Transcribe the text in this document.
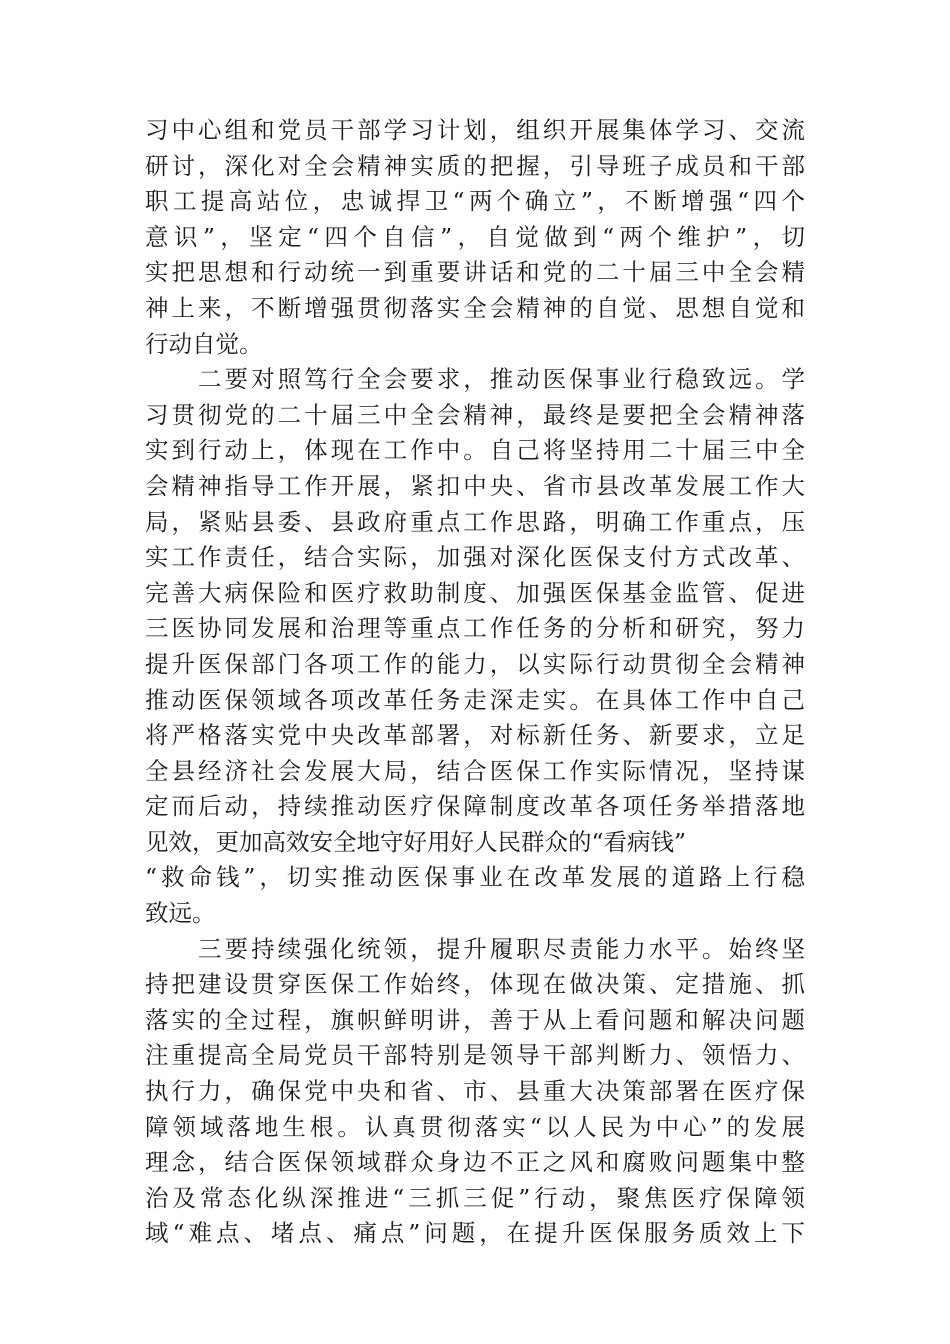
习中心组和党员干部学习计划，组织开展集体学习、交流
研讨，深化对全会精神实质的把握，引导班子成员和干部
职工提高站位，忠诚捍卫“两个确立”，不断增强“四个
意识”，坚定“四个自信”，自觉做到“两个维护”，切
实把思想和行动统一到重要讲话和党的二十届三中全会精
神上来，不断增强贯彻落实全会精神的自觉、思想自觉和
行动自觉。
　　二要对照笃行全会要求，推动医保事业行稳致远。学
习贯彻党的二十届三中全会精神，最终是要把全会精神落
实到行动上，体现在工作中。自己将坚持用二十届三中全
会精神指导工作开展，紧扣中央、省市县改革发展工作大
局，紧贴县委、县政府重点工作思路，明确工作重点，压
实工作责任，结合实际，加强对深化医保支付方式改革、
完善大病保险和医疗救助制度、加强医保基金监管、促进
三医协同发展和治理等重点工作任务的分析和研究，努力
提升医保部门各项工作的能力，以实际行动贯彻全会精神
推动医保领域各项改革任务走深走实。在具体工作中自己
将严格落实党中央改革部署，对标新任务、新要求，立足
全县经济社会发展大局，结合医保工作实际情况，坚持谋
定而后动，持续推动医疗保障制度改革各项任务举措落地
见效，更加高效安全地守好用好人民群众的“看病钱”
“救命钱”，切实推动医保事业在改革发展的道路上行稳
致远。
　　三要持续强化统领，提升履职尽责能力水平。始终坚
持把建设贯穿医保工作始终，体现在做决策、定措施、抓
落实的全过程，旗帜鲜明讲，善于从上看问题和解决问题
注重提高全局党员干部特别是领导干部判断力、领悟力、
执行力，确保党中央和省、市、县重大决策部署在医疗保
障领域落地生根。认真贯彻落实“以人民为中心”的发展
理念，结合医保领域群众身边不正之风和腐败问题集中整
治及常态化纵深推进“三抓三促”行动，聚焦医疗保障领
域“难点、堵点、痛点”问题，在提升医保服务质效上下
